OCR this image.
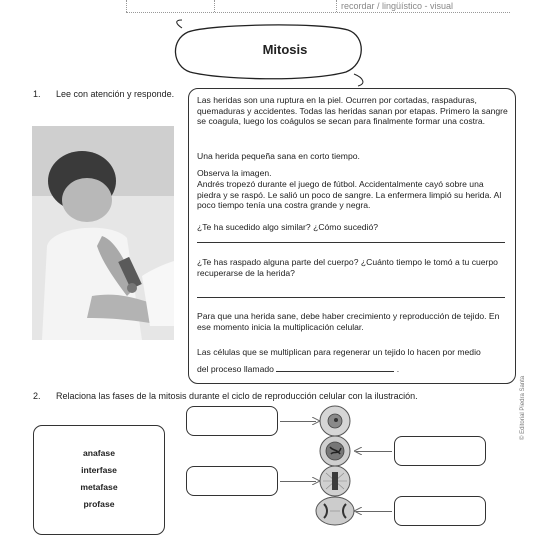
recordar / lingüístico - visual
Mitosis
1. Lee con atención y responde.

Las heridas son una ruptura en la piel. Ocurren por cortadas, raspaduras, quemaduras y accidentes. Todas las heridas sanan por etapas. Primero la sangre se coagula, luego los coágulos se secan para finalmente formar una costra.

Una herida pequeña sana en corto tiempo.

Observa la imagen.

Andrés tropezó durante el juego de fútbol. Accidentalmente cayó sobre una piedra y se raspó. Le salió un poco de sangre. La enfermera limpió su herida. Al poco tiempo tenía una costra grande y negra.

¿Te ha sucedido algo similar? ¿Cómo sucedió?

¿Te has raspado alguna parte del cuerpo? ¿Cuánto tiempo le tomó a tu cuerpo recuperarse de la herida?

Para que una herida sane, debe haber crecimiento y reproducción de tejido. En ese momento inicia la multiplicación celular.

Las células que se multiplican para regenerar un tejido lo hacen por medio

del proceso llamado	.

2. Relaciona las fases de la mitosis durante el ciclo de reproducción celular con la ilustración.
anafase
interfase
metafase
profase
© Editorial Piedra Santa
